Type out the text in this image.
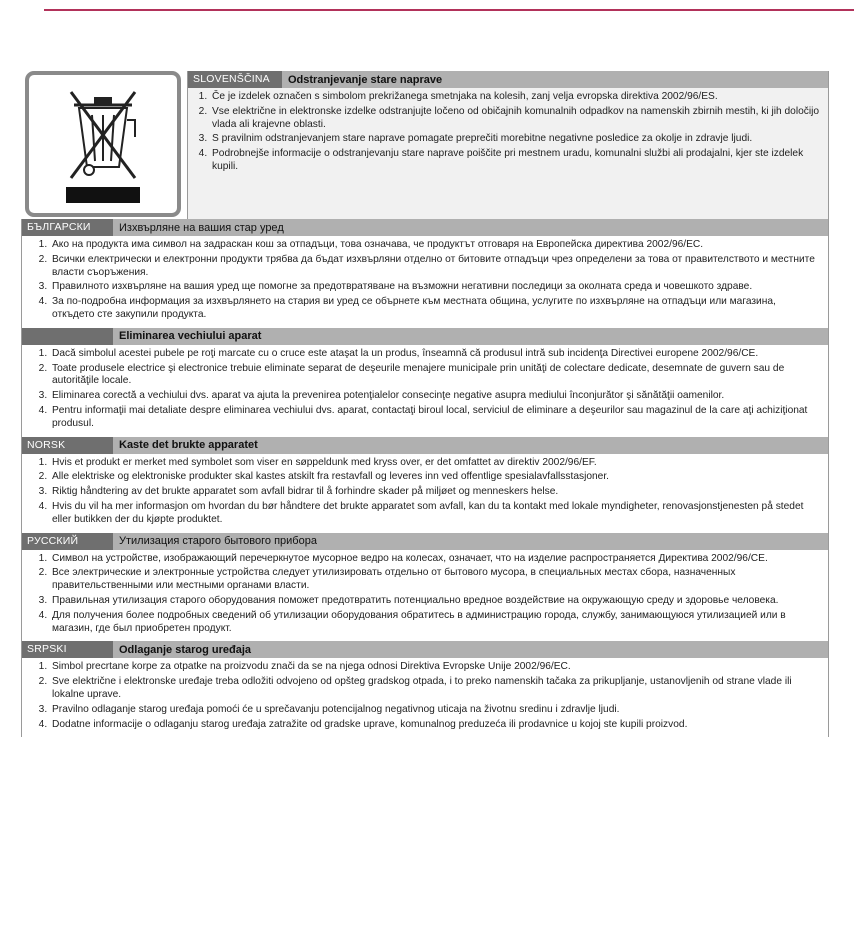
SLOVENŠČINA	Odstranjevanje stare naprave
1. Če je izdelek označen s simbolom prekrižanega smetnjaka na kolesih, zanj velja evropska direktiva 2002/96/ES.
2. Vse električne in elektronske izdelke odstranjujte ločeno od običajnih komunalnih odpadkov na namenskih zbirnih mestih, ki jih določijo vlada ali krajevne oblasti.
3. S pravilnim odstranjevanjem stare naprave pomagate preprečiti morebitne negativne posledice za okolje in zdravje ljudi.
4. Podrobnejše informacije o odstranjevanju stare naprave poiščite pri mestnem uradu, komunalni službi ali prodajalni, kjer ste izdelek kupili.
БЪЛГАРСКИ	Изхвърляне на вашия стар уред
1. Ако на продукта има символ на задраскан кош за отпадъци, това означава, че продуктът отговаря на Европейска директива 2002/96/EC.
2. Всички електрически и електронни продукти трябва да бъдат изхвърляни отделно от битовите отпадъци чрез определени за това от правителството и местните власти съоръжения.
3. Правилното изхвърляне на вашия уред ще помогне за предотвратяване на възможни негативни последици за околната среда и човешкото здраве.
4. За по-подробна информация за изхвърлянето на стария ви уред се обърнете към местната община, услугите по изхвърляне на отпадъци или магазина, откъдето сте закупили продукта.
Eliminarea vechiului aparat
1. Dacă simbolul acestei pubele pe roţi marcate cu o cruce este ataşat la un produs, înseamnă că produsul intră sub incidenţa Directivei europene 2002/96/CE.
2. Toate produsele electrice şi electronice trebuie eliminate separat de deşeurile menajere municipale prin unităţi de colectare dedicate, desemnate de guvern sau de autorităţile locale.
3. Eliminarea corectă a vechiului dvs. aparat va ajuta la prevenirea potenţialelor consecinţe negative asupra mediului înconjurător şi sănătăţii oamenilor.
4. Pentru informaţii mai detaliate despre eliminarea vechiului dvs. aparat, contactaţi biroul local, serviciul de eliminare a deşeurilor sau magazinul de la care aţi achiziţionat produsul.
NORSK	Kaste det brukte apparatet
1. Hvis et produkt er merket med symbolet som viser en søppeldunk med kryss over, er det omfattet av direktiv 2002/96/EF.
2. Alle elektriske og elektroniske produkter skal kastes atskilt fra restavfall og leveres inn ved offentlige spesialavfallsstasjoner.
3. Riktig håndtering av det brukte apparatet som avfall bidrar til å forhindre skader på miljøet og menneskers helse.
4. Hvis du vil ha mer informasjon om hvordan du bør håndtere det brukte apparatet som avfall, kan du ta kontakt med lokale myndigheter, renovasjonstjenesten på stedet eller butikken der du kjøpte produktet.
РУССКИЙ	Утилизация старого бытового прибора
1. Символ на устройстве, изображающий перечеркнутое мусорное ведро на колесах, означает, что на изделие распространяется Директива 2002/96/CE.
2. Все электрические и электронные устройства следует утилизировать отдельно от бытового мусора, в специальных местах сбора, назначенных правительственными или местными органами власти.
3. Правильная утилизация старого оборудования поможет предотвратить потенциально вредное воздействие на окружающую среду и здоровье человека.
4. Для получения более подробных сведений об утилизации оборудования обратитесь в администрацию города, службу, занимающуюся утилизацией или в магазин, где был приобретен продукт.
SRPSKI	Odlaganje starog uređaja
1. Simbol precrtane korpe za otpatke na proizvodu znači da se na njega odnosi Direktiva Evropske Unije 2002/96/EC.
2. Sve električne i elektronske uređaje treba odložiti odvojeno od opšteg gradskog otpada, i to preko namenskih tačaka za prikupljanje, ustanovljenih od strane vlade ili lokalne uprave.
3. Pravilno odlaganje starog uređaja pomoći će u sprečavanju potencijalnog negativnog uticaja na životnu sredinu i zdravlje ljudi.
4. Dodatne informacije o odlaganju starog uređaja zatražite od gradske uprave, komunalnog preduzeća ili prodavnice u kojoj ste kupili proizvod.
